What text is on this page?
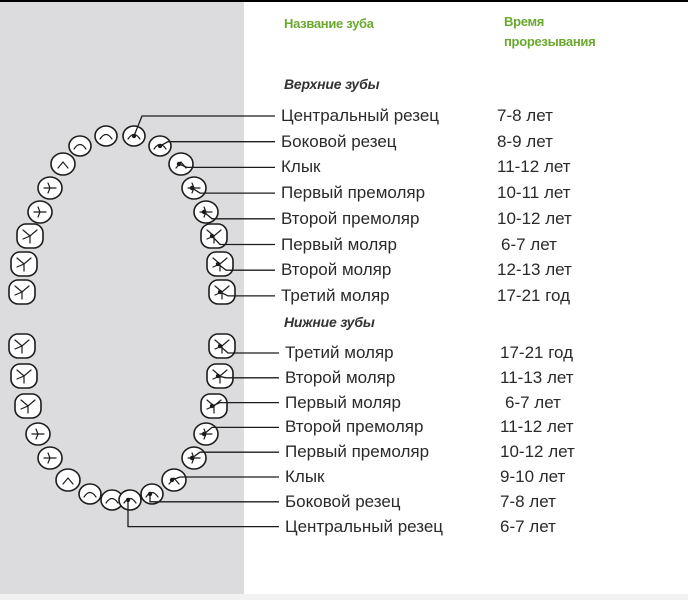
Название зуба	Время
прорезывания
Верхние зубы
Нижние зубы
Центральный резец	7-8 лет
Боковой резец	8-9 лет
Клык	11-12 лет
Первый премоляр	10-11 лет
Второй премоляр	10-12 лет
Первый моляр	6-7 лет
Второй моляр	12-13 лет
Третий моляр	17-21 год
Третий моляр	17-21 год
Второй моляр	11-13 лет
Первый моляр	6-7 лет
Второй премоляр	11-12 лет
Первый премоляр	10-12 лет
Клык	9-10 лет
Боковой резец	7-8 лет
Центральный резец	6-7 лет
